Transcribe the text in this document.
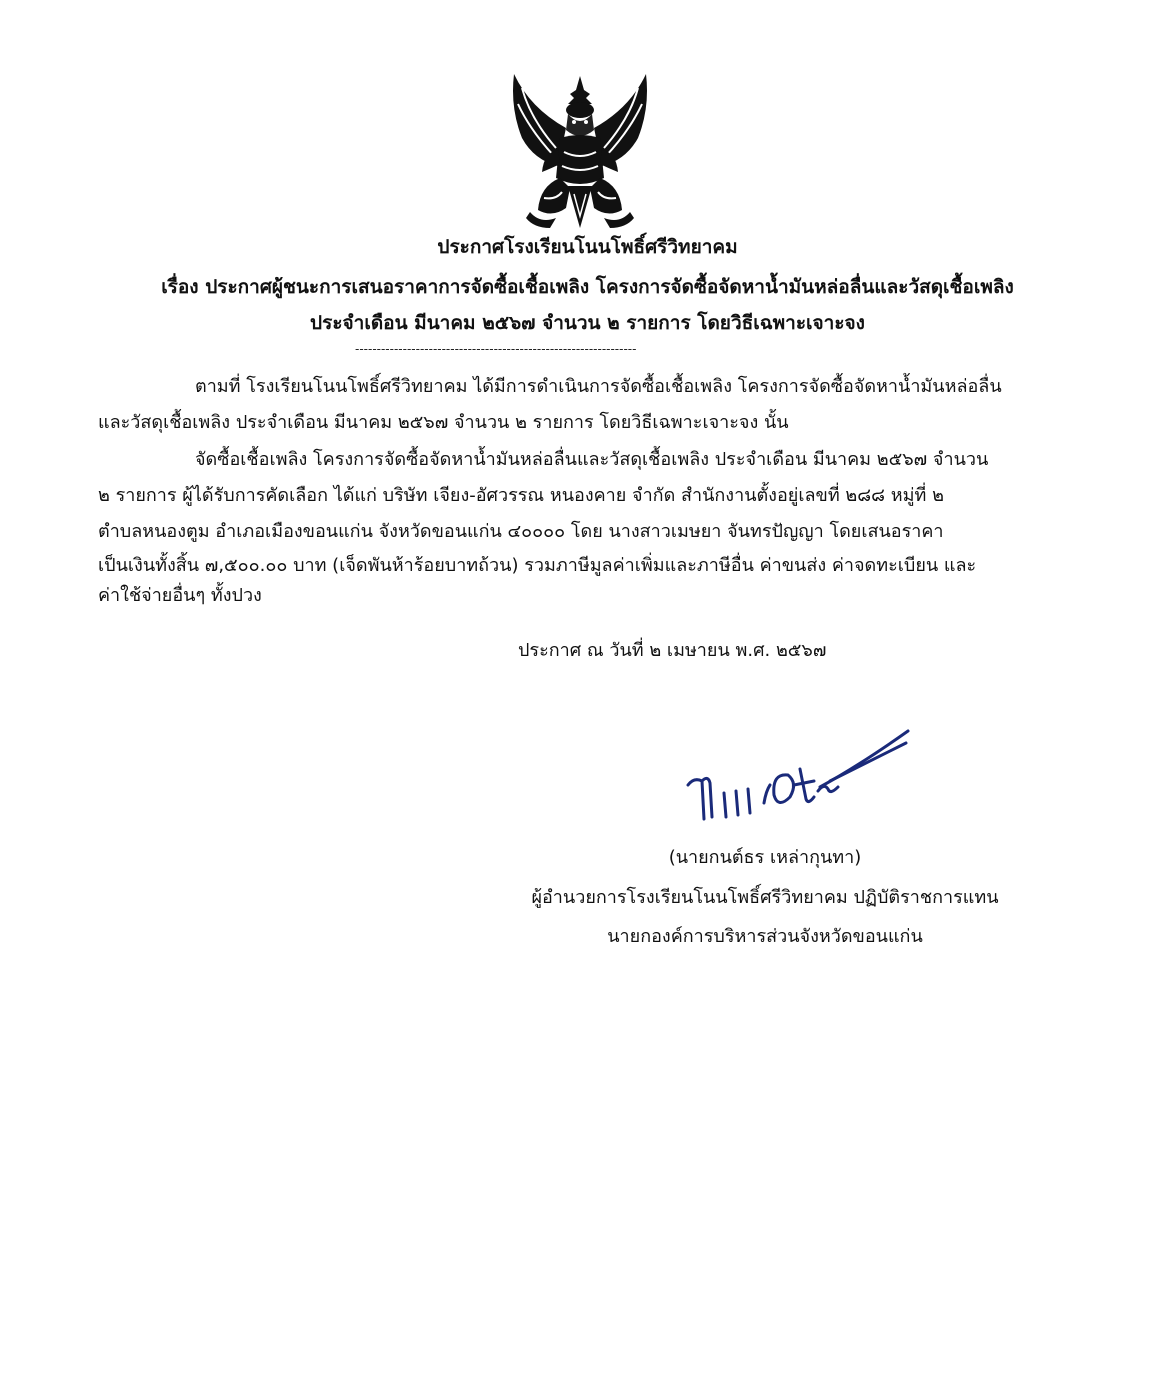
ประกาศโรงเรียนโนนโพธิ์ศรีวิทยาคม
เรื่อง ประกาศผู้ชนะการเสนอราคาการจัดซื้อเชื้อเพลิง โครงการจัดซื้อจัดหาน้ำมันหล่อลื่นและวัสดุเชื้อเพลิง
ประจำเดือน มีนาคม ๒๕๖๗ จำนวน ๒ รายการ โดยวิธีเฉพาะเจาะจง
-----------------------------------------------------------------
ตามที่ โรงเรียนโนนโพธิ์ศรีวิทยาคม ได้มีการดำเนินการจัดซื้อเชื้อเพลิง โครงการจัดซื้อจัดหาน้ำมันหล่อลื่น
และวัสดุเชื้อเพลิง ประจำเดือน มีนาคม ๒๕๖๗ จำนวน ๒ รายการ โดยวิธีเฉพาะเจาะจง นั้น
จัดซื้อเชื้อเพลิง โครงการจัดซื้อจัดหาน้ำมันหล่อลื่นและวัสดุเชื้อเพลิง ประจำเดือน มีนาคม ๒๕๖๗ จำนวน
๒ รายการ ผู้ได้รับการคัดเลือก ได้แก่ บริษัท เจียง-อัศวรรณ หนองคาย จำกัด สำนักงานตั้งอยู่เลขที่ ๒๘๘ หมู่ที่ ๒
ตำบลหนองตูม อำเภอเมืองขอนแก่น จังหวัดขอนแก่น ๔๐๐๐๐ โดย นางสาวเมษยา จันทรปัญญา โดยเสนอราคา
เป็นเงินทั้งสิ้น ๗,๕๐๐.๐๐ บาท (เจ็ดพันห้าร้อยบาทถ้วน) รวมภาษีมูลค่าเพิ่มและภาษีอื่น ค่าขนส่ง ค่าจดทะเบียน และ
ค่าใช้จ่ายอื่นๆ ทั้งปวง
ประกาศ ณ วันที่ ๒ เมษายน พ.ศ. ๒๕๖๗
(นายกนต์ธร เหล่ากุนทา)
ผู้อำนวยการโรงเรียนโนนโพธิ์ศรีวิทยาคม ปฏิบัติราชการแทน
นายกองค์การบริหารส่วนจังหวัดขอนแก่น
